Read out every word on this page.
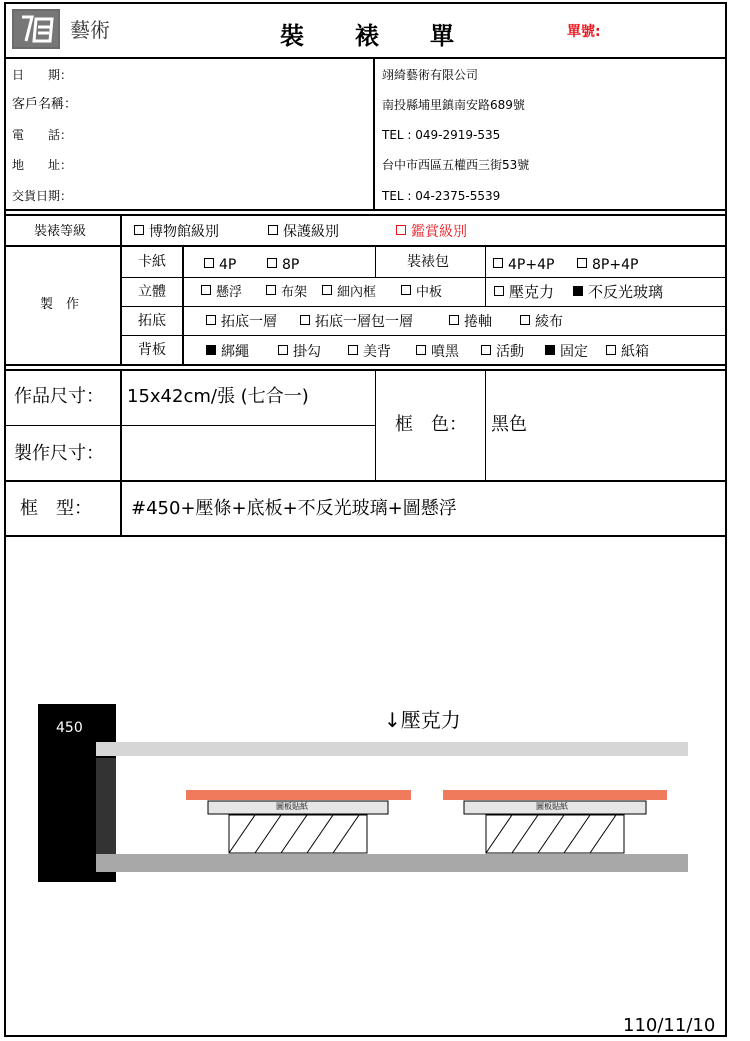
藝術	裝 裱 單	單號:
日　　期：
客戶名稱：
電　　話：
地　　址：
交貨日期：
翊綺藝術有限公司
南投縣埔里鎮南安路689號
TEL : 049-2919-535
台中市西區五權西三街53號
TEL : 04-2375-5539
裝裱等級	博物館級別	保護級別	鑑賞級別
製　作
卡紙	4P	8P	裝裱包	4P+4P	8P+4P
立體	懸浮	布架	細內框	中板	壓克力	不反光玻璃
拓底	拓底一層	拓底一層包一層	捲軸	綾布
背板	綁繩	掛勾	美背	噴黑	活動	固定	紙箱
作品尺寸： 15x42cm/張 (七合一)
製作尺寸：
框　色： 黑色
框　型： #450+壓條+底板+不反光玻璃+圖懸浮
450	↓壓克力
圖板貼紙	圖板貼紙
110/11/10
